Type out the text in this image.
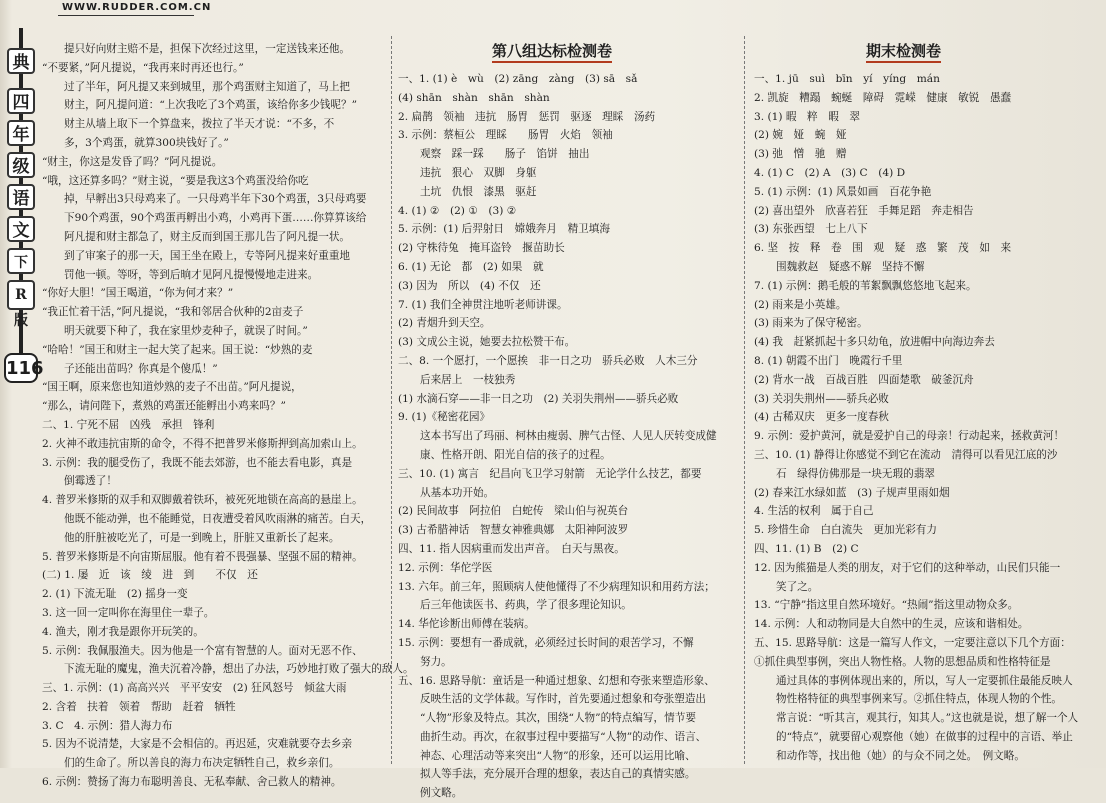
WWW.RUDDER.COM.CN
典
四
年
级
语
文
下
R版
116
提只好向财主赔不是，担保下次经过这里，一定送钱来还他。
“不要紧，”阿凡提说，“我再来时再还也行。”
过了半年，阿凡提又来到城里，那个鸡蛋财主知道了，马上把
财主，阿凡提问道：“上次我吃了3个鸡蛋，该给你多少钱呢？”
财主从墙上取下一个算盘来，拨拉了半天才说：“不多，不
多，3个鸡蛋，就算300块钱好了。”
“财主，你这是发昏了吗？”阿凡提说。
“哦，这还算多吗？”财主说，“要是我这3个鸡蛋没给你吃
掉，早孵出3只母鸡来了。一只母鸡半年下30个鸡蛋，3只母鸡要
下90个鸡蛋，90个鸡蛋再孵出小鸡，小鸡再下蛋……你算算该给
阿凡提和财主都急了，财主反而到国王那儿告了阿凡提一状。
到了审案子的那一天，国王坐在殿上，专等阿凡提来好重重地
罚他一顿。等呀，等到后晌才见阿凡提慢慢地走进来。
“你好大胆！”国王喝道，“你为何才来？”
“我正忙着干活，”阿凡提说，“我和邻居合伙种的2亩麦子
明天就要下种了，我在家里炒麦种子，就误了时间。”
“哈哈！”国王和财主一起大笑了起来。国王说：“炒熟的麦
子还能出苗吗？你真是个傻瓜！”
“国王啊，原来您也知道炒熟的麦子不出苗。”阿凡提说，
“那么，请问陛下，煮熟的鸡蛋还能孵出小鸡来吗？”
二、1. 宁死不屈　凶残　承担　锋利
2. 火神不敢违抗宙斯的命令，不得不把普罗米修斯押到高加索山上。
3. 示例：我的腿受伤了，我既不能去郊游，也不能去看电影，真是
倒霉透了！
4. 普罗米修斯的双手和双脚戴着铁环，被死死地锁在高高的悬崖上。
他既不能动弹，也不能睡觉，日夜遭受着风吹雨淋的痛苦。白天，
他的肝脏被吃光了，可是一到晚上，肝脏又重新长了起来。
5. 普罗米修斯是不向宙斯屈服。他有着不畏强暴、坚强不屈的精神。
(二) 1. 屡　近　该　绫　进　到　　不仅　还
2. (1) 下流无耻　(2) 摇身一变
3. 这一回一定叫你在海里住一辈子。
4. 渔夫，刚才我是跟你开玩笑的。
5. 示例：我佩服渔夫。因为他是一个富有智慧的人。面对无恶不作、
下流无耻的魔鬼，渔夫沉着冷静，想出了办法，巧妙地打败了强大的敌人。
三、1. 示例：(1) 高高兴兴　平平安安　(2) 狂风怒号　倾盆大雨
2. 含着　扶着　领着　帮助　赶着　牺牲
3. C　4. 示例：猎人海力布
5. 因为不说清楚，大家是不会相信的。再迟延，灾难就要夺去乡亲
们的生命了。所以善良的海力布决定牺牲自己，救乡亲们。
6. 示例：赞扬了海力布聪明善良、无私奉献、舍己救人的精神。
第八组达标检测卷
一、1. (1) è　wù　(2) zāng　zàng　(3) sā　sǎ
(4) shān　shàn　shān　shàn
2. 扁鹊　领袖　违抗　肠胃　惩罚　驱逐　理睬　汤药
3. 示例：蔡桓公　理睬　　肠胃　火焰　领袖
观察　踩一踩　　肠子　馅饼　抽出
违抗　狠心　双脚　身躯
土坑　仇恨　漆黑　驱赶
4. (1) ②　(2) ①　(3) ②
5. 示例：(1) 后羿射日　嫦娥奔月　精卫填海
(2) 守株待兔　掩耳盗铃　揠苗助长
6. (1) 无论　都　(2) 如果　就
(3) 因为　所以　(4) 不仅　还
7. (1) 我们全神贯注地听老师讲课。
(2) 青烟升到天空。
(3) 文成公主说，她要去拉松赞干布。
二、8. 一个愿打，一个愿挨　非一日之功　骄兵必败　人木三分
后来居上　一枝独秀
(1) 水滴石穿——非一日之功　(2) 关羽失荆州——骄兵必败
9. (1)《秘密花园》
这本书写出了玛丽、柯林由瘦弱、脾气古怪、人见人厌转变成健
康、性格开朗、阳光自信的孩子的过程。
三、10. (1) 寓言　纪昌向飞卫学习射箭　无论学什么技艺，都要
从基本功开始。
(2) 民间故事　阿拉伯　白蛇传　梁山伯与祝英台
(3) 古希腊神话　智慧女神雅典娜　太阳神阿波罗
四、11. 指人因病重而发出声音。　白天与黑夜。
12. 示例：华佗学医
13. 六年。前三年，照顾病人使他懂得了不少病理知识和用药方法；
后三年他读医书、药典，学了很多理论知识。
14. 华佗诊断出师傅在装病。
15. 示例：要想有一番成就，必须经过长时间的艰苦学习，不懈
努力。
五、16. 思路导航：童话是一种通过想象、幻想和夸张来塑造形象、
反映生活的文学体裁。写作时，首先要通过想象和夸张塑造出
“人物”形象及特点。其次，围绕“人物”的特点编写，情节要
曲折生动。再次，在叙事过程中要描写“人物”的动作、语言、
神态、心理活动等来突出“人物”的形象，还可以运用比喻、
拟人等手法，充分展开合理的想象，表达自己的真情实感。
例文略。
期末检测卷
一、1. jū　suì　bīn　yí　yíng　mán
2. 凯旋　糟蹋　蜿蜒　障碍　霓嵘　健康　敏锐　愚蠢
3. (1) 暇　粹　暇　翠
(2) 婉　娅　蜿　娅
(3) 弛　憎　驰　赠
4. (1) C　(2) A　(3) C　(4) D
5. (1) 示例：(1) 风景如画　百花争艳
(2) 喜出望外　欣喜若狂　手舞足蹈　奔走相告
(3) 东张西望　七上八下
6. 坚　按　释　卷　围　观　疑　惑　繁　茂　如　来
围魏救赵　疑惑不解　坚持不懈
7. (1) 示例：鹅毛般的苇絮飘飘悠悠地飞起来。
(2) 雨来是小英雄。
(3) 雨来为了保守秘密。
(4) 我　赶紧抓起十多只幼龟，放进帽中向海边奔去
8. (1) 朝霞不出门　晚霞行千里
(2) 背水一战　百战百胜　四面楚歌　破釜沉舟
(3) 关羽失荆州——骄兵必败
(4) 古稀双庆　更多一度春秋
9. 示例：爱护黄河，就是爱护自己的母亲！行动起来，拯救黄河！
三、10. (1) 静得让你感觉不到它在流动　清得可以看见江底的沙
石　绿得仿佛那是一块无瑕的翡翠
(2) 春来江水绿如蓝　(3) 子规声里雨如烟
4. 生活的权利　属于自己
5. 珍惜生命　白白流失　更加光彩有力
四、11. (1) B　(2) C
12. 因为熊猫是人类的朋友，对于它们的这种举动，山民们只能一
笑了之。
13. “宁静”指这里自然环境好。“热闹”指这里动物众多。
14. 示例：人和动物同是大自然中的生灵，应该和谐相处。
五、15. 思路导航：这是一篇写人作文，一定要注意以下几个方面：
①抓住典型事例，突出人物性格。人物的思想品质和性格特征是
通过具体的事例体现出来的，所以，写人一定要抓住最能反映人
物性格特征的典型事例来写。②抓住特点，体现人物的个性。
常言说：“听其言，观其行，知其人。”这也就是说，想了解一个人
的“特点”，就要留心观察他（她）在做事的过程中的言语、举止
和动作等，找出他（她）的与众不同之处。　例文略。
